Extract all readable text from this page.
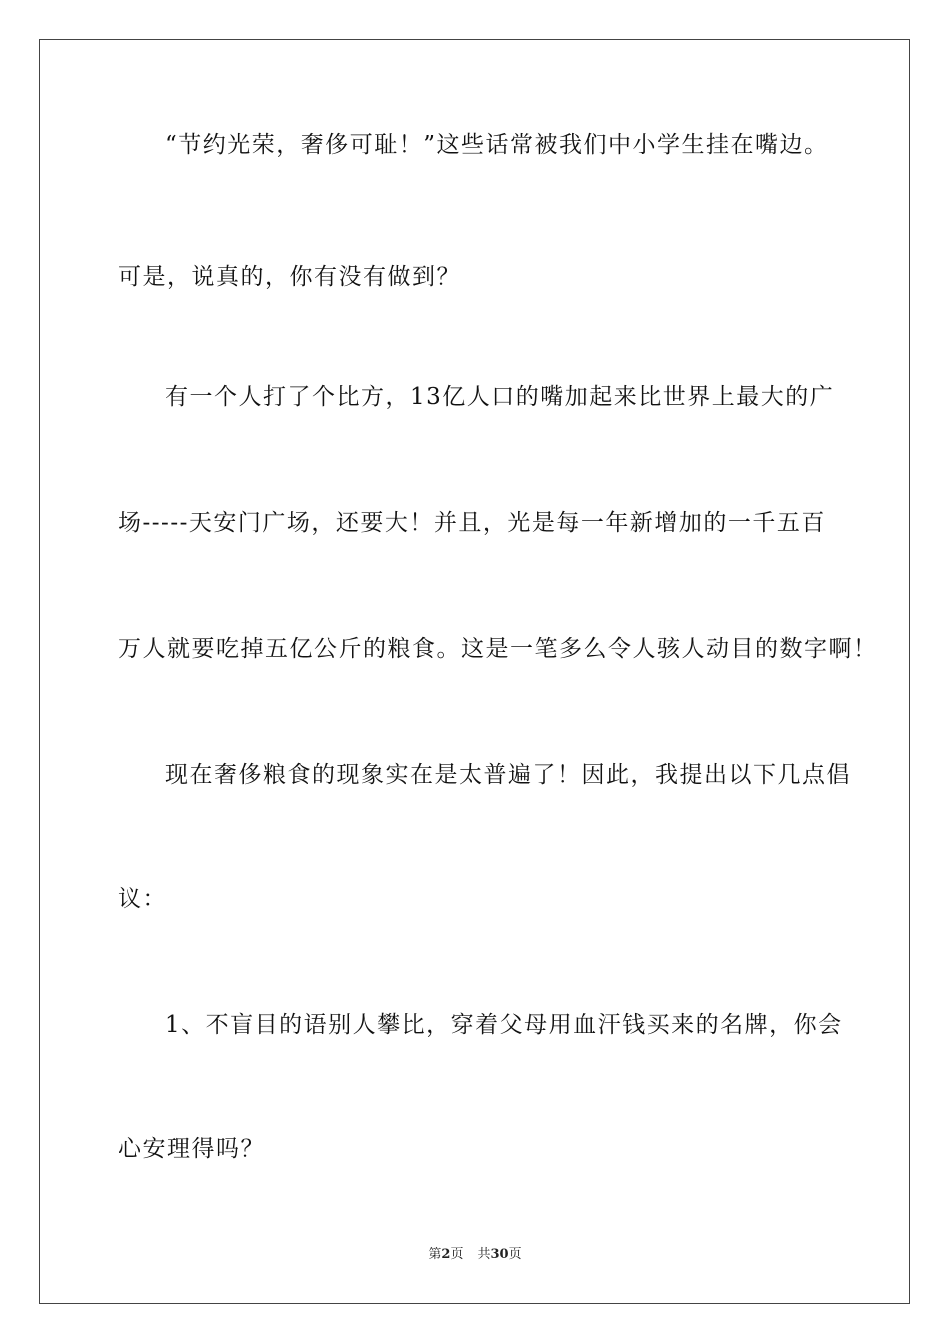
“节约光荣，奢侈可耻！”这些话常被我们中小学生挂在嘴边。
可是，说真的，你有没有做到？
有一个人打了个比方，13亿人口的嘴加起来比世界上最大的广
场-----天安门广场，还要大！并且，光是每一年新增加的一千五百
万人就要吃掉五亿公斤的粮食。这是一笔多么令人骇人动目的数字啊！
现在奢侈粮食的现象实在是太普遍了！因此，我提出以下几点倡
议：
1、不盲目的语别人攀比，穿着父母用血汗钱买来的名牌，你会
心安理得吗？
第2页 共30页
